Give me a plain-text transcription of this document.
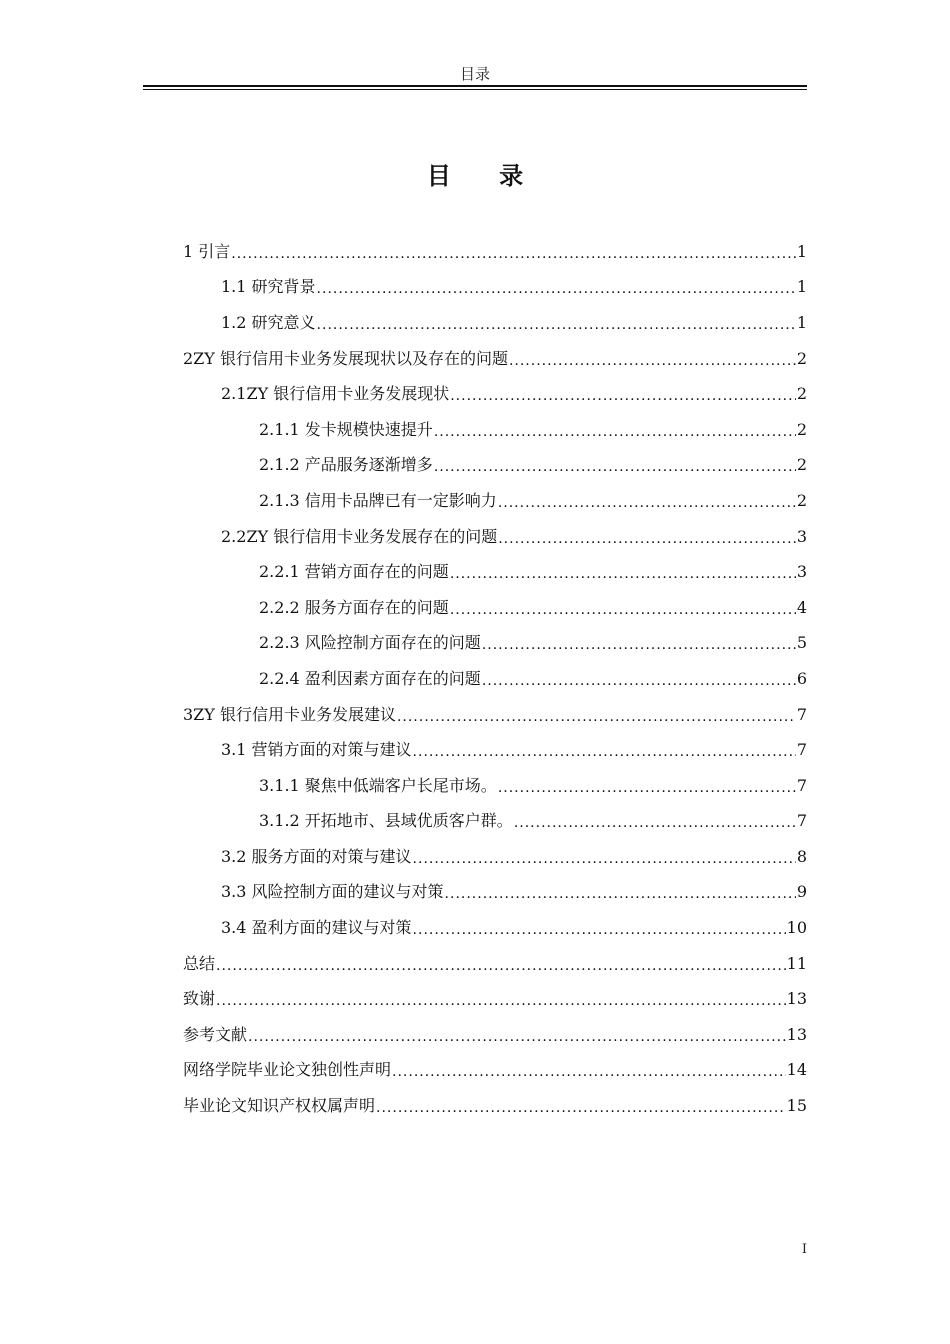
目录
目 录
1 引言 .....	1
1.1 研究背景 .....	1
1.2 研究意义 .....	1
2ZY 银行信用卡业务发展现状以及存在的问题 .....	2
2.1ZY 银行信用卡业务发展现状 .....	2
2.1.1 发卡规模快速提升 .....	2
2.1.2 产品服务逐渐增多 .....	2
2.1.3 信用卡品牌已有一定影响力 .....	2
2.2ZY 银行信用卡业务发展存在的问题 .....	3
2.2.1 营销方面存在的问题 .....	3
2.2.2 服务方面存在的问题 .....	4
2.2.3 风险控制方面存在的问题 .....	5
2.2.4 盈利因素方面存在的问题 .....	6
3ZY 银行信用卡业务发展建议 .....	7
3.1 营销方面的对策与建议 .....	7
3.1.1 聚焦中低端客户长尾市场。 .....	7
3.1.2 开拓地市、县域优质客户群。 .....	7
3.2 服务方面的对策与建议 .....	8
3.3 风险控制方面的建议与对策 .....	9
3.4 盈利方面的建议与对策 .....	10
总结 .....	11
致谢 .....	13
参考文献 .....	13
网络学院毕业论文独创性声明 .....	14
毕业论文知识产权权属声明 .....	15
I
